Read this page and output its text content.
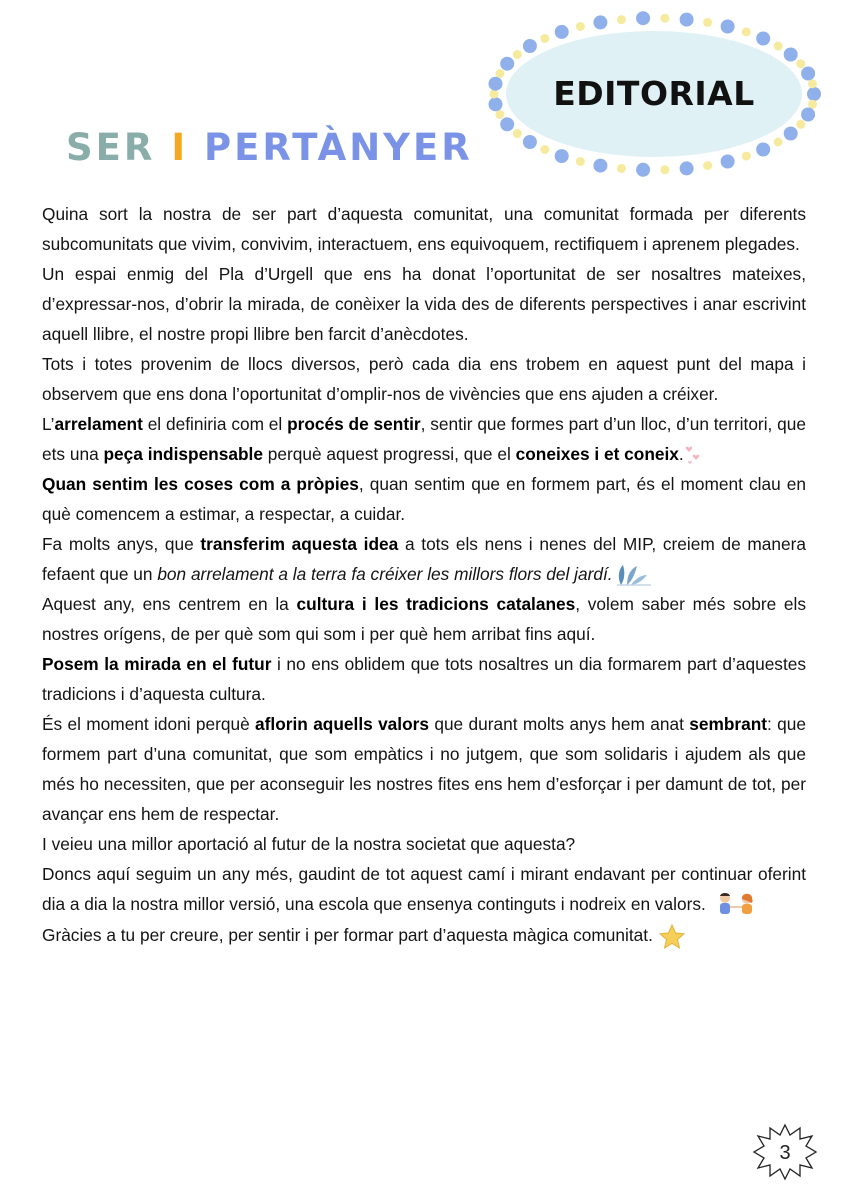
EDITORIAL
SER I PERTÀNYER

Quina sort la nostra de ser part d’aquesta comunitat, una comunitat formada per diferents subcomunitats que vivim, convivim, interactuem, ens equivoquem, rectifiquem i aprenem plegades.

Un espai enmig del Pla d’Urgell que ens ha donat l’oportunitat de ser nosaltres mateixes, d’expressar-nos, d’obrir la mirada, de conèixer la vida des de diferents perspectives i anar escrivint aquell llibre, el nostre propi llibre ben farcit d’anècdotes.

Tots i totes provenim de llocs diversos, però cada dia ens trobem en aquest punt del mapa i observem que ens dona l’oportunitat d’omplir-nos de vivències que ens ajuden a créixer.

L’arrelament el definiria com el procés de sentir, sentir que formes part d’un lloc, d’un territori, que ets una peça indispensable perquè aquest progressi, que el coneixes i et coneix.

Quan sentim les coses com a pròpies, quan sentim que en formem part, és el moment clau en què comencem a estimar, a respectar, a cuidar.

Fa molts anys, que transferim aquesta idea a tots els nens i nenes del MIP, creiem de manera fefaent que un bon arrelament a la terra fa créixer les millors flors del jardí.

Aquest any, ens centrem en la cultura i les tradicions catalanes, volem saber més sobre els nostres orígens, de per què som qui som i per què hem arribat fins aquí.

Posem la mirada en el futur i no ens oblidem que tots nosaltres un dia formarem part d’aquestes tradicions i d’aquesta cultura.

És el moment idoni perquè aflorin aquells valors que durant molts anys hem anat sembrant: que formem part d’una comunitat, que som empàtics i no jutgem, que som solidaris i ajudem als que més ho necessiten, que per aconseguir les nostres fites ens hem d’esforçar i per damunt de tot, per avançar ens hem de respectar.

I veieu una millor aportació al futur de la nostra societat que aquesta?

Doncs aquí seguim un any més, gaudint de tot aquest camí i mirant endavant per continuar oferint dia a dia la nostra millor versió, una escola que ensenya continguts i nodreix en valors.

Gràcies a tu per creure, per sentir i per formar part d’aquesta màgica comunitat.

3
